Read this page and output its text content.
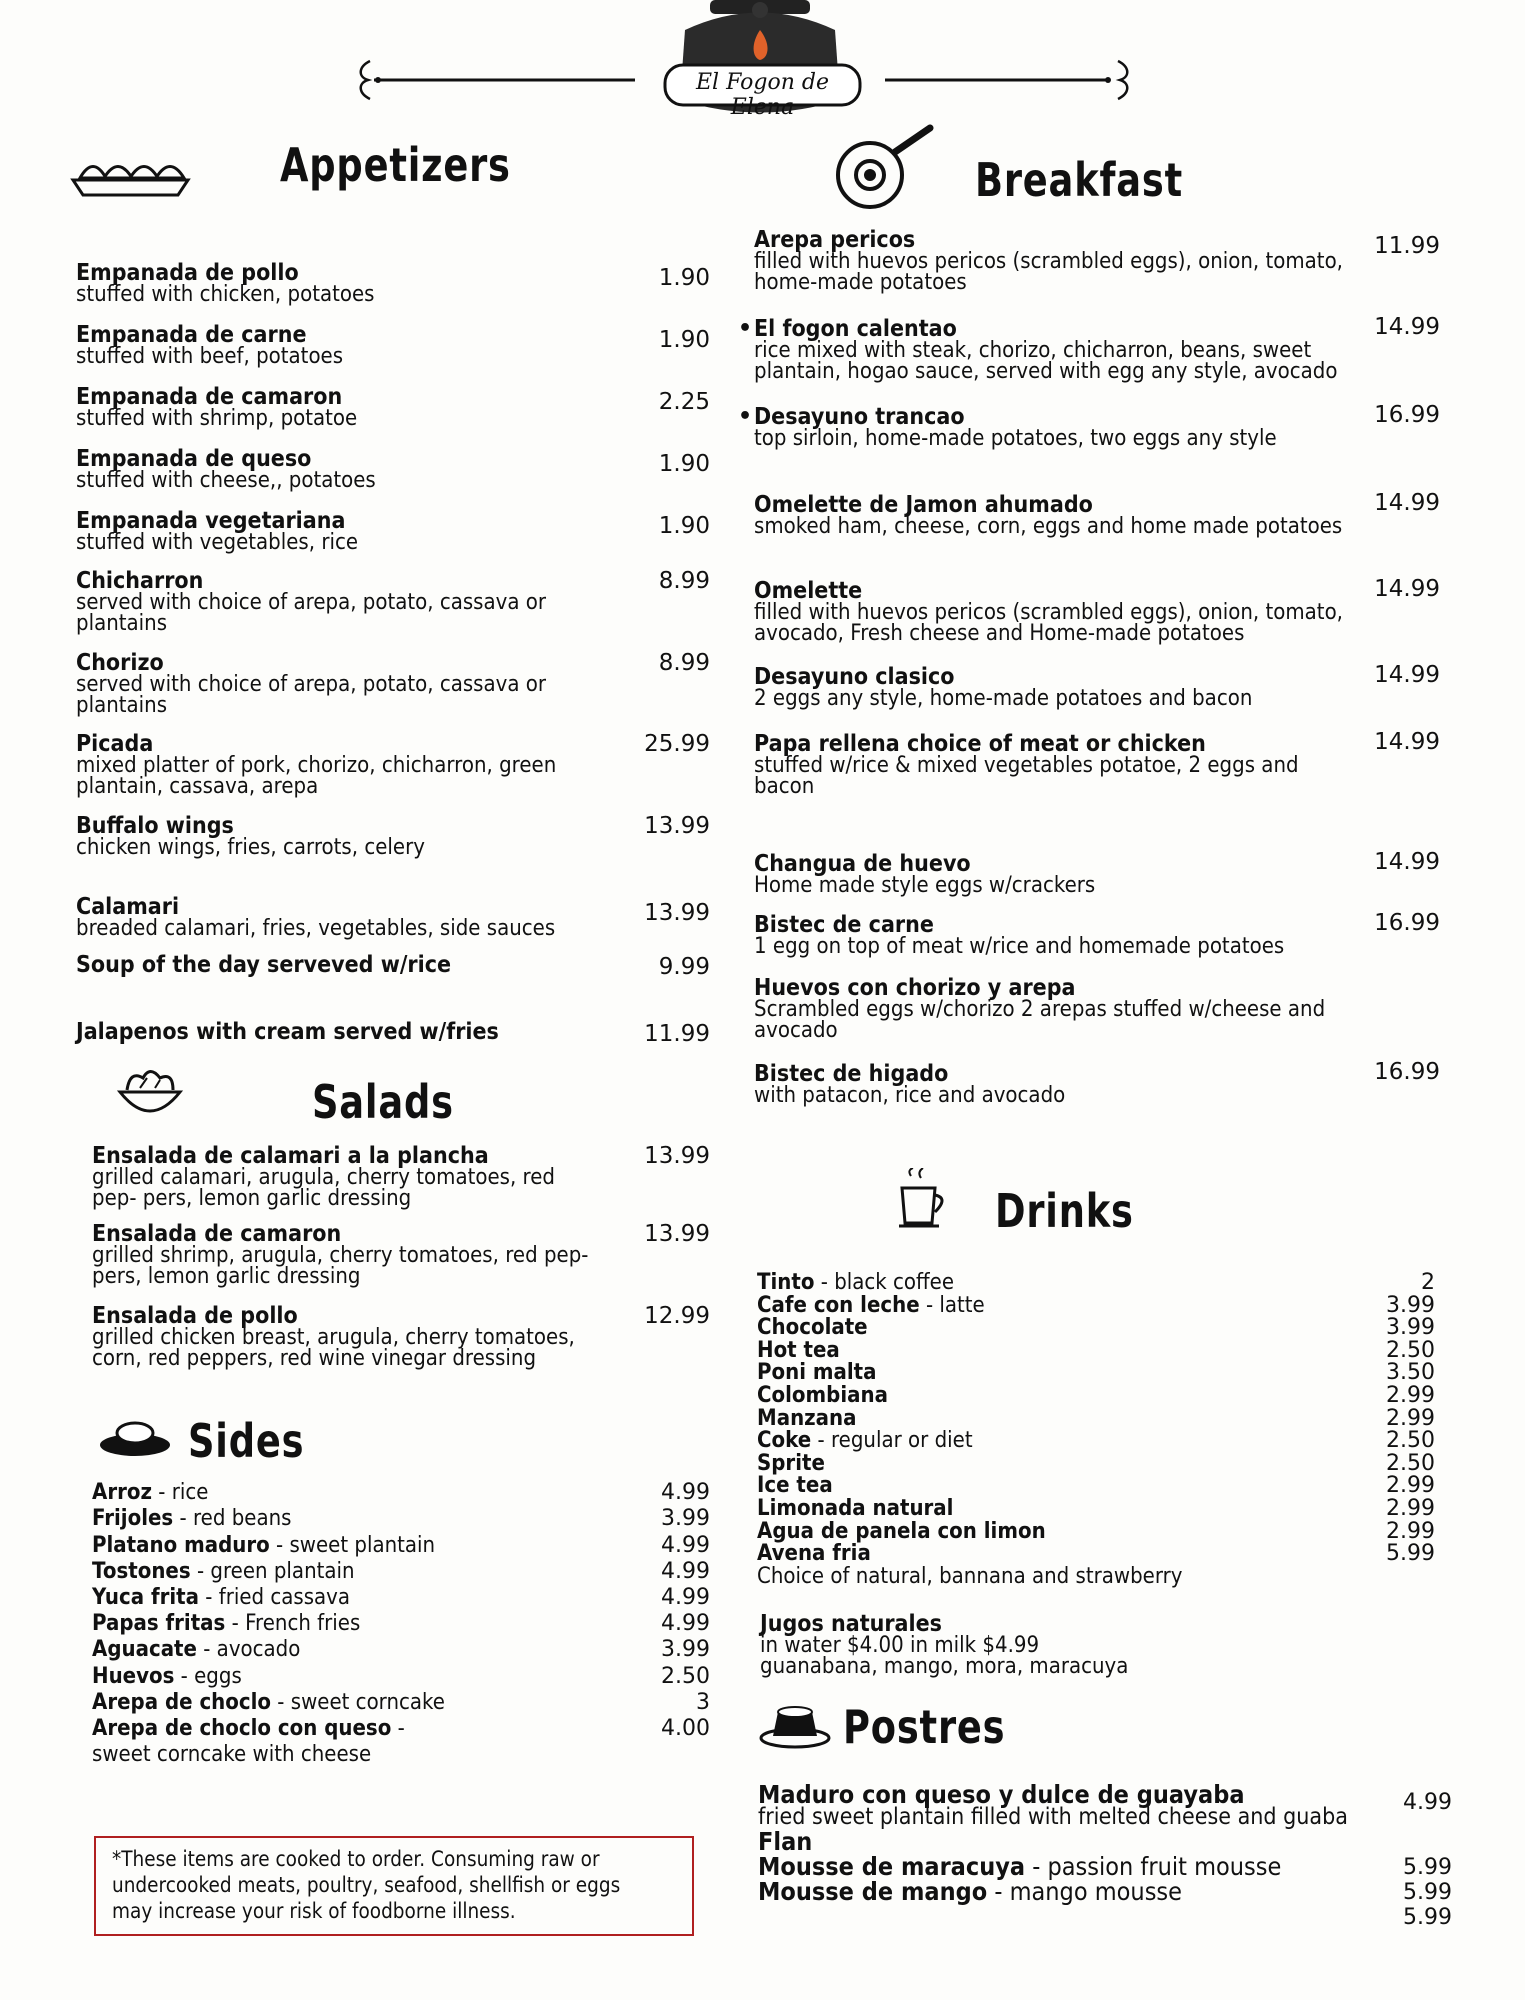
El Fogon de Elena
Appetizers	Breakfast
Salads
Sides
Drinks
Postres
Empanada de pollo
stuffed with chicken, potatoes
1.90
Empanada de carne
stuffed with beef, potatoes
1.90
Empanada de camaron
stuffed with shrimp, potatoe
2.25
Empanada de queso
stuffed with cheese,, potatoes
1.90
Empanada vegetariana
stuffed with vegetables, rice
1.90
Chicharron
served with choice of arepa, potato, cassava or plantains
8.99
Chorizo
served with choice of arepa, potato, cassava or plantains
8.99
Picada
mixed platter of pork, chorizo, chicharron, green plantain, cassava, arepa
25.99
Buffalo wings
chicken wings, fries, carrots, celery
13.99
Calamari
breaded calamari, fries, vegetables, side sauces
13.99
Soup of the day serveved w/rice	9.99
Jalapenos with cream served w/fries	11.99
Ensalada de calamari a la plancha
grilled calamari, arugula, cherry tomatoes, red pep- pers, lemon garlic dressing
13.99
Ensalada de camaron
grilled shrimp, arugula, cherry tomatoes, red pep- pers, lemon garlic dressing
13.99
Ensalada de pollo
grilled chicken breast, arugula, cherry tomatoes, corn, red peppers, red wine vinegar dressing
12.99
Arroz - rice	4.99
Frijoles - red beans	3.99
Platano maduro - sweet plantain	4.99
Tostones - green plantain	4.99
Yuca frita - fried cassava	4.99
Papas fritas - French fries	4.99
Aguacate - avocado	3.99
Huevos - eggs	2.50
Arepa de choclo - sweet corncake	3
Arepa de choclo con queso -	4.00
sweet corncake with cheese
Arepa pericos
filled with huevos pericos (scrambled eggs), onion, tomato, home-made potatoes
11.99
• El fogon calentao
rice mixed with steak, chorizo, chicharron, beans, sweet plantain, hogao sauce, served with egg any style, avocado
14.99
• Desayuno trancao
top sirloin, home-made potatoes, two eggs any style
16.99
Omelette de Jamon ahumado
smoked ham, cheese, corn, eggs and home made potatoes
14.99
Omelette
filled with huevos pericos (scrambled eggs), onion, tomato, avocado, Fresh cheese and Home-made potatoes
14.99
Desayuno clasico
2 eggs any style, home-made potatoes and bacon
14.99
Papa rellena choice of meat or chicken
stuffed w/rice & mixed vegetables potatoe, 2 eggs and bacon
14.99
Changua de huevo
Home made style eggs w/crackers
14.99
Bistec de carne
1 egg on top of meat w/rice and homemade potatoes
16.99
Huevos con chorizo y arepa
Scrambled eggs w/chorizo 2 arepas stuffed w/cheese and avocado
Bistec de higado
with patacon, rice and avocado
16.99
Tinto - black coffee	2
Cafe con leche - latte	3.99
Chocolate	3.99
Hot tea	2.50
Poni malta	3.50
Colombiana	2.99
Manzana	2.99
Coke - regular or diet	2.50
Sprite	2.50
Ice tea	2.99
Limonada natural	2.99
Agua de panela con limon	2.99
Avena fria	5.99
Choice of natural, bannana and strawberry
Jugos naturales
in water $4.00 in milk $4.99
guanabana, mango, mora, maracuya
Maduro con queso y dulce de guayaba
fried sweet plantain filled with melted cheese and guaba
4.99
Flan
5.99
Mousse de maracuya - passion fruit mousse
5.99
Mousse de mango - mango mousse
5.99
*These items are cooked to order. Consuming raw or
undercooked meats, poultry, seafood, shellfish or eggs
may increase your risk of foodborne illness.
